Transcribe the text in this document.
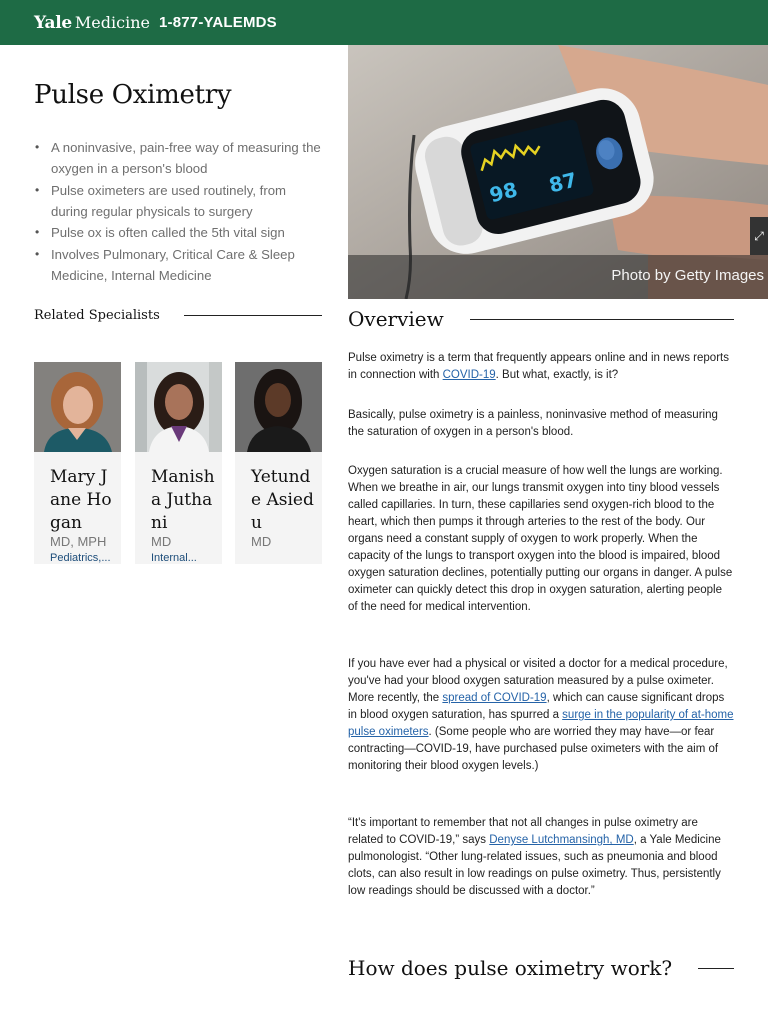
Yale Medicine 1-877-YALEMDS
Pulse Oximetry
• A noninvasive, pain-free way of measuring the oxygen in a person's blood
• Pulse oximeters are used routinely, from during regular physicals to surgery
• Pulse ox is often called the 5th vital sign
• Involves Pulmonary, Critical Care & Sleep Medicine, Internal Medicine
Related Specialists
Mary Jane Hogan
MD, MPH
Pediatrics,...
Manisha Juthani
MD
Internal...
Yetunde Asiedu
MD
98 87
Photo by Getty Images
⤢
Overview

Pulse oximetry is a term that frequently appears online and in news reports in connection with COVID-19. But what, exactly, is it?

Basically, pulse oximetry is a painless, noninvasive method of measuring the saturation of oxygen in a person's blood.

Oxygen saturation is a crucial measure of how well the lungs are working. When we breathe in air, our lungs transmit oxygen into tiny blood vessels called capillaries. In turn, these capillaries send oxygen-rich blood to the heart, which then pumps it through arteries to the rest of the body. Our organs need a constant supply of oxygen to work properly. When the capacity of the lungs to transport oxygen into the blood is impaired, blood oxygen saturation declines, potentially putting our organs in danger. A pulse oximeter can quickly detect this drop in oxygen saturation, alerting people of the need for medical intervention.

If you have ever had a physical or visited a doctor for a medical procedure, you've had your blood oxygen saturation measured by a pulse oximeter. More recently, the spread of COVID-19, which can cause significant drops in blood oxygen saturation, has spurred a surge in the popularity of at-home pulse oximeters. (Some people who are worried they may have—or fear contracting—COVID-19, have purchased pulse oximeters with the aim of monitoring their blood oxygen levels.)

“It's important to remember that not all changes in pulse oximetry are related to COVID-19,” says Denyse Lutchmansingh, MD, a Yale Medicine pulmonologist. “Other lung-related issues, such as pneumonia and blood clots, can also result in low readings on pulse oximetry. Thus, persistently low readings should be discussed with a doctor.”

How does pulse oximetry work?
